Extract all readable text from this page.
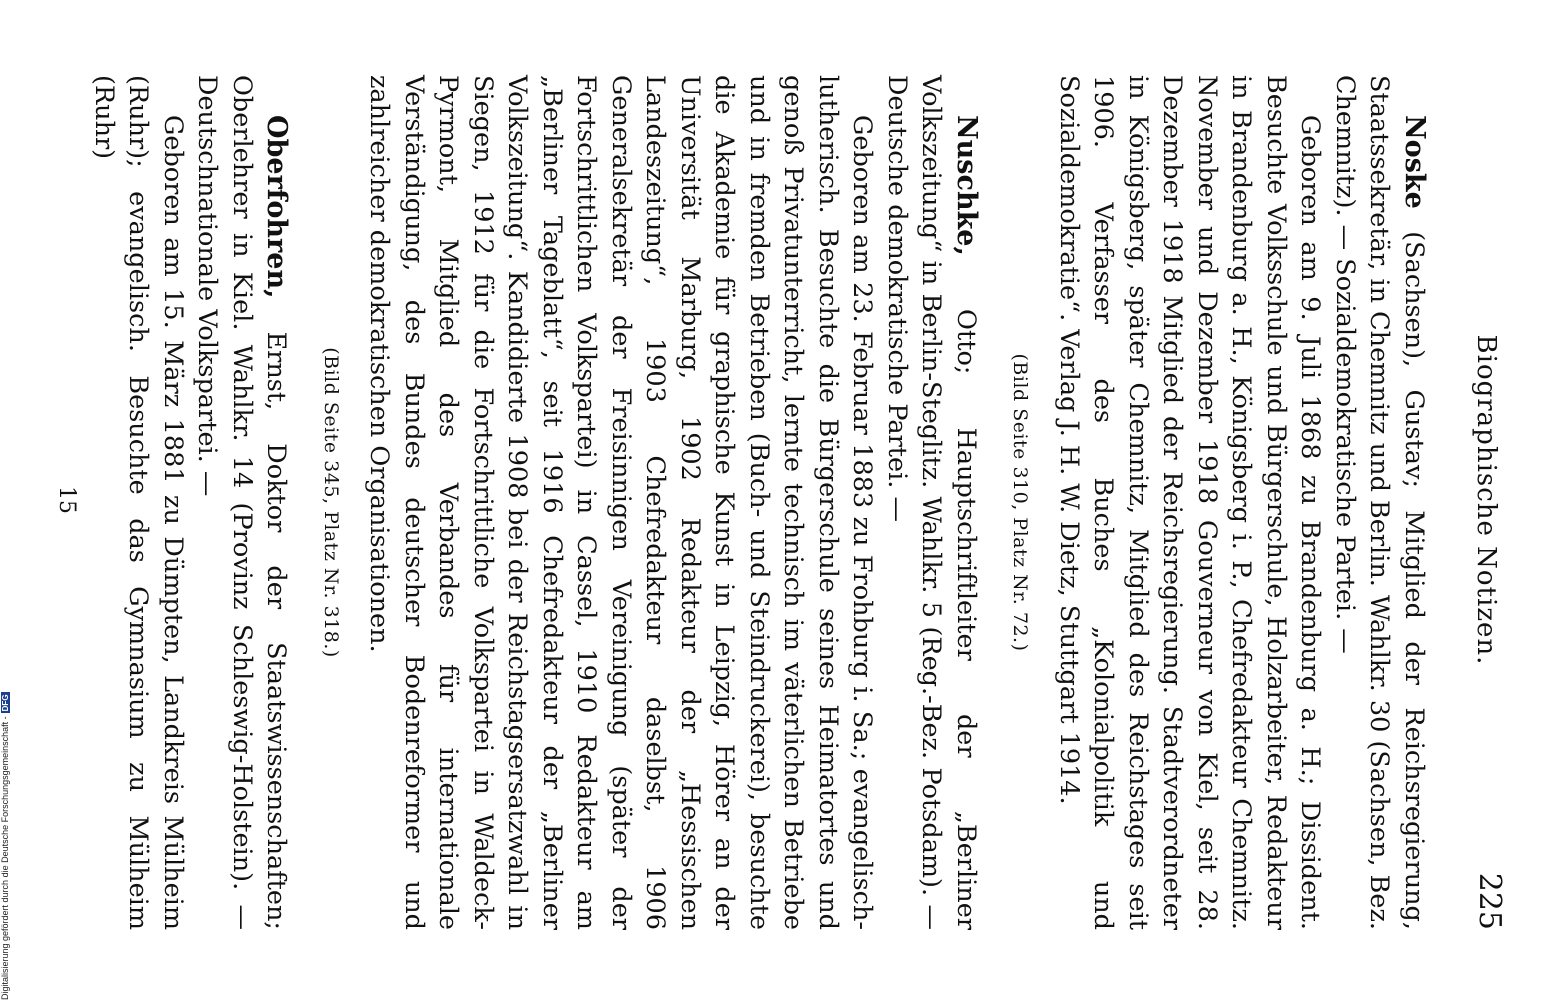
Digitalisierung gefördert durch die Deutsche Forschungsgemeinschaft -DFG
Biographische Notizen.
225

Noske (Sachsen), Gustav; Mitglied der Reichsregierung, Staatssekretär, in Chemnitz und Berlin. Wahlkr. 30 (Sachsen, Bez. Chemnitz). — Sozialdemokratische Partei. —

Geboren am 9. Juli 1868 zu Brandenburg a. H.; Dissident. Besuchte Volksschule und Bürgerschule, Holzarbeiter, Redakteur in Brandenburg a. H., Königsberg i. P., Chefredakteur Chemnitz. November und Dezember 1918 Gouverneur von Kiel, seit 28. Dezember 1918 Mitglied der Reichsregierung. Stadtverordneter in Königsberg, später Chemnitz, Mitglied des Reichstages seit 1906. Verfasser des Buches „Kolonialpolitik und Sozialdemokratie“. Verlag J. H. W. Dietz, Stuttgart 1914.

(Bild Seite 310, Platz Nr. 72.)

Nuschke, Otto; Hauptschriftleiter der „Berliner Volkszeitung“ in Berlin-Steglitz. Wahlkr. 5 (Reg.-Bez. Potsdam). — Deutsche demokratische Partei. —

Geboren am 23. Februar 1883 zu Frohburg i. Sa.; evangelisch-lutherisch. Besuchte die Bürgerschule seines Heimatortes und genoß Privatunterricht, lernte technisch im väterlichen Betriebe und in fremden Betrieben (Buch- und Steindruckerei), besuchte die Akademie für graphische Kunst in Leipzig, Hörer an der Universität Marburg, 1902 Redakteur der „Hessischen Landeszeitung“, 1903 Chefredakteur daselbst, 1906 Generalsekretär der Freisinnigen Vereinigung (später der Fortschrittlichen Volkspartei) in Cassel, 1910 Redakteur am „Berliner Tageblatt“, seit 1916 Chefredakteur der „Berliner Volkszeitung“. Kandidierte 1908 bei der Reichstagsersatzwahl in Siegen, 1912 für die Fortschrittliche Volkspartei in Waldeck-Pyrmont, Mitglied des Verbandes für internationale Verständigung, des Bundes deutscher Bodenreformer und zahlreicher demokratischen Organisationen.

(Bild Seite 345, Platz Nr. 318.)

Oberfohren, Ernst, Doktor der Staatswissenschaften; Oberlehrer in Kiel. Wahlkr. 14 (Provinz Schleswig-Holstein). — Deutschnationale Volkspartei. —

Geboren am 15. März 1881 zu Dümpten, Landkreis Mülheim (Ruhr); evangelisch. Besuchte das Gymnasium zu Mülheim (Ruhr)

15
